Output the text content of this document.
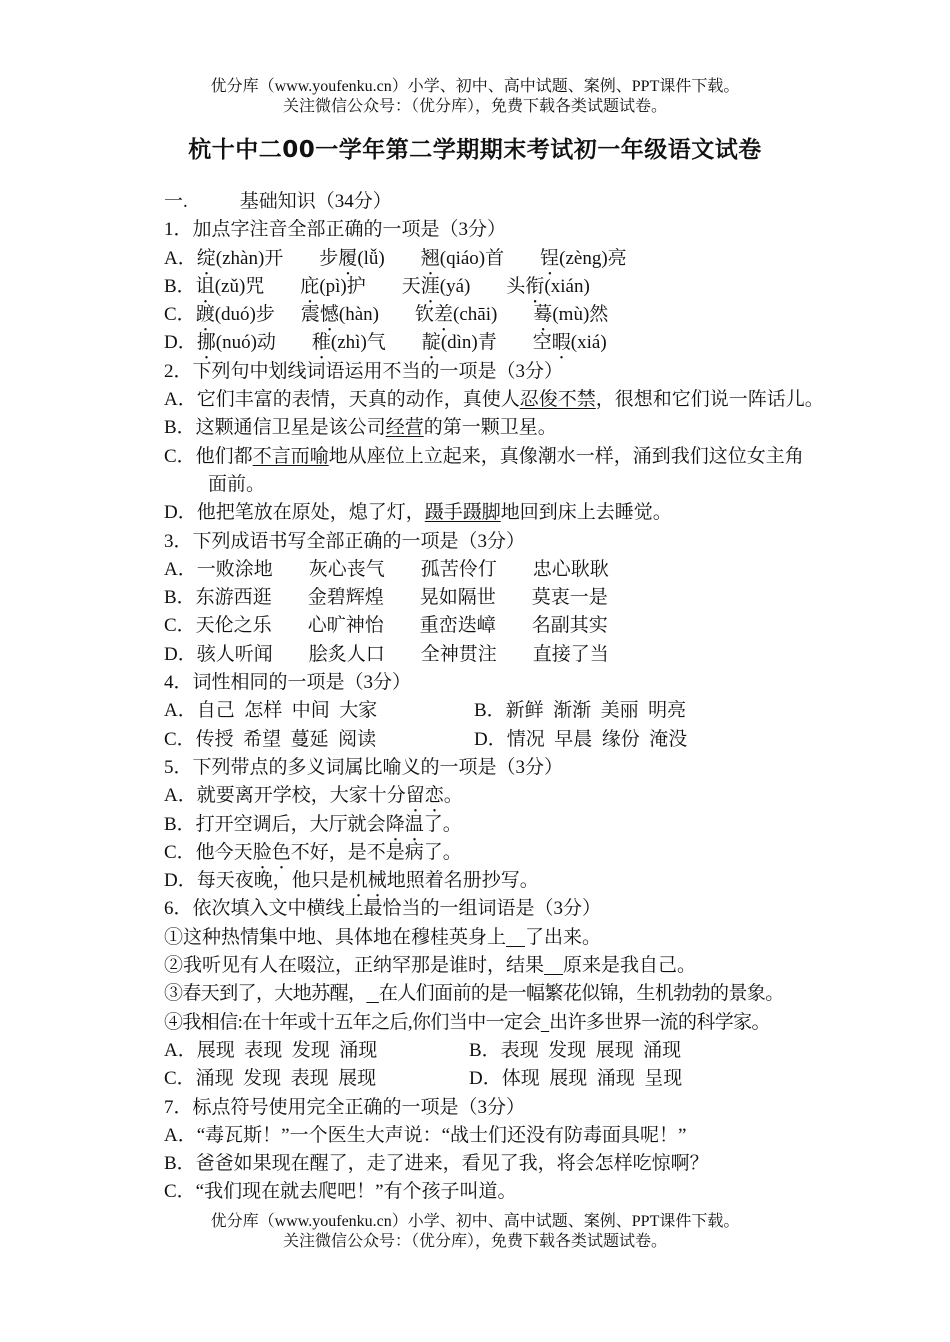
优分库（www.youfenku.cn）小学、初中、高中试题、案例、PPT课件下载。
关注微信公众号：（优分库），免费下载各类试题试卷。
杭十中二00一学年第二学期期末考试初一年级语文试卷
一.	基础知识（34分）
1．加点字注音全部正确的一项是（3分）
A．绽(zhàn)开 步履(lǚ) 翘(qiáo)首 锃(zèng)亮
B．诅(zǔ)咒 庇(pì)护 天涯(yá) 头衔(xián)
C．踱(duó)步 震憾(hàn) 钦差(chāi) 蓦(mù)然
D．挪(nuó)动 稚(zhì)气 靛(dìn)青 空暇(xiá)
2．下列句中划线词语运用不当的一项是（3分）
A．它们丰富的表情，天真的动作，真使人忍俊不禁，很想和它们说一阵话儿。
B．这颗通信卫星是该公司经营的第一颗卫星。
C．他们都不言而喻地从座位上立起来，真像潮水一样，涌到我们这位女主角
面前。
D．他把笔放在原处，熄了灯，蹑手蹑脚地回到床上去睡觉。
3．下列成语书写全部正确的一项是（3分）
A．一败涂地 灰心丧气 孤苦伶仃 忠心耿耿
B．东游西逛 金碧辉煌 晃如隔世 莫衷一是
C．天伦之乐 心旷神怡 重峦迭嶂 名副其实
D．骇人听闻 脍炙人口 全神贯注 直接了当
4．词性相同的一项是（3分）
A．自己  怎样  中间  大家	B．新鲜  渐渐  美丽  明亮
C．传授  希望  蔓延  阅读	D．情况  早晨  缘份  淹没
5．下列带点的多义词属比喻义的一项是（3分）
A．就要离开学校，大家十分留恋。
B．打开空调后，大厅就会降温了。
C．他今天脸色不好，是不是病了。
D．每天夜晚，他只是机械地照着名册抄写。
6．依次填入文中横线上最恰当的一组词语是（3分）
①这种热情集中地、具体地在穆桂英身上 了出来。
②我听见有人在啜泣，正纳罕那是谁时，结果 原来是我自己。
③春天到了，大地苏醒， 在人们面前的是一幅繁花似锦，生机勃勃的景象。
④我相信:在十年或十五年之后,你们当中一定会 出许多世界一流的科学家。
A．展现  表现  发现  涌现	B．表现  发现  展现  涌现
C．涌现  发现  表现  展现	D．体现  展现  涌现  呈现
7．标点符号使用完全正确的一项是（3分）
A．“毒瓦斯！”一个医生大声说：“战士们还没有防毒面具呢！”
B．爸爸如果现在醒了，走了进来，看见了我，将会怎样吃惊啊？
C．“我们现在就去爬吧！”有个孩子叫道。
优分库（www.youfenku.cn）小学、初中、高中试题、案例、PPT课件下载。
关注微信公众号：（优分库），免费下载各类试题试卷。
